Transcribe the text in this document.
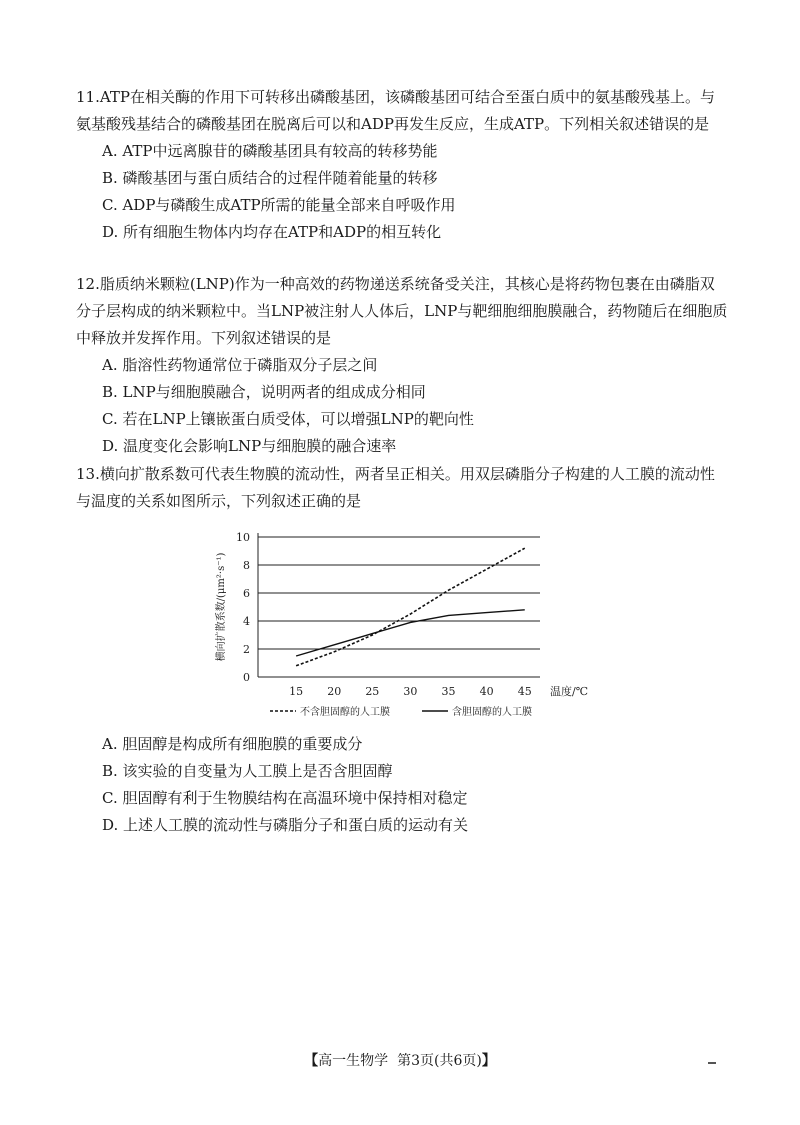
11.ATP在相关酶的作用下可转移出磷酸基团，该磷酸基团可结合至蛋白质中的氨基酸残基上。与氨基酸残基结合的磷酸基团在脱离后可以和ADP再发生反应，生成ATP。下列相关叙述错误的是
A. ATP中远离腺苷的磷酸基团具有较高的转移势能
B. 磷酸基团与蛋白质结合的过程伴随着能量的转移
C. ADP与磷酸生成ATP所需的能量全部来自呼吸作用
D. 所有细胞生物体内均存在ATP和ADP的相互转化
12.脂质纳米颗粒(LNP)作为一种高效的药物递送系统备受关注，其核心是将药物包裹在由磷脂双分子层构成的纳米颗粒中。当LNP被注射人人体后，LNP与靶细胞细胞膜融合，药物随后在细胞质中释放并发挥作用。下列叙述错误的是
A. 脂溶性药物通常位于磷脂双分子层之间
B. LNP与细胞膜融合，说明两者的组成成分相同
C. 若在LNP上镶嵌蛋白质受体，可以增强LNP的靶向性
D. 温度变化会影响LNP与细胞膜的融合速率
13.横向扩散系数可代表生物膜的流动性，两者呈正相关。用双层磷脂分子构建的人工膜的流动性与温度的关系如图所示，下列叙述正确的是
A. 胆固醇是构成所有细胞膜的重要成分
B. 该实验的自变量为人工膜上是否含胆固醇
C. 胆固醇有利于生物膜结构在高温环境中保持相对稳定
D. 上述人工膜的流动性与磷脂分子和蛋白质的运动有关
0
2
4
6
8
10
15 20 25 30 35 40 45 温度/℃
横向扩散系数/(μm²·s⁻¹)
不含胆固醇的人工膜	含胆固醇的人工膜
【高一生物学 第3页(共6页)】
